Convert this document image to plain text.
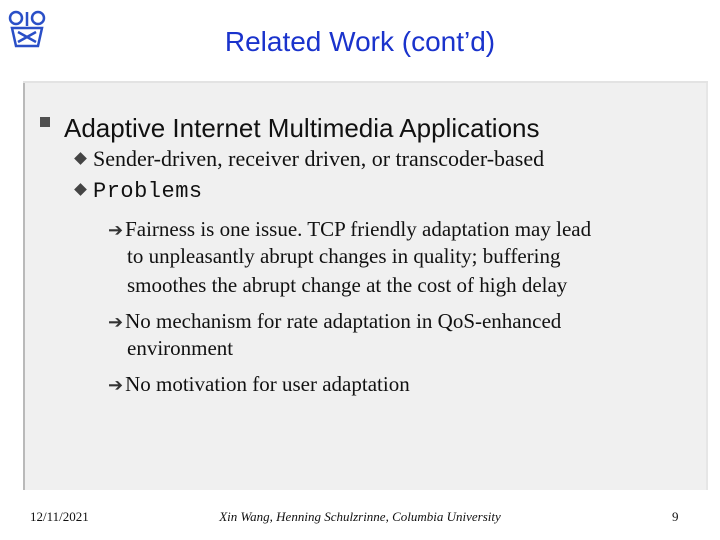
Related Work (cont’d)
Adaptive Internet Multimedia Applications
Sender-driven, receiver driven, or transcoder-based
Problems
➔Fairness is one issue. TCP friendly adaptation may lead
to unpleasantly abrupt changes in quality; buffering
smoothes the abrupt change at the cost of high delay
➔No mechanism for rate adaptation in QoS-enhanced
environment
➔No motivation for user adaptation
12/11/2021	Xin Wang, Henning Schulzrinne, Columbia University	9
